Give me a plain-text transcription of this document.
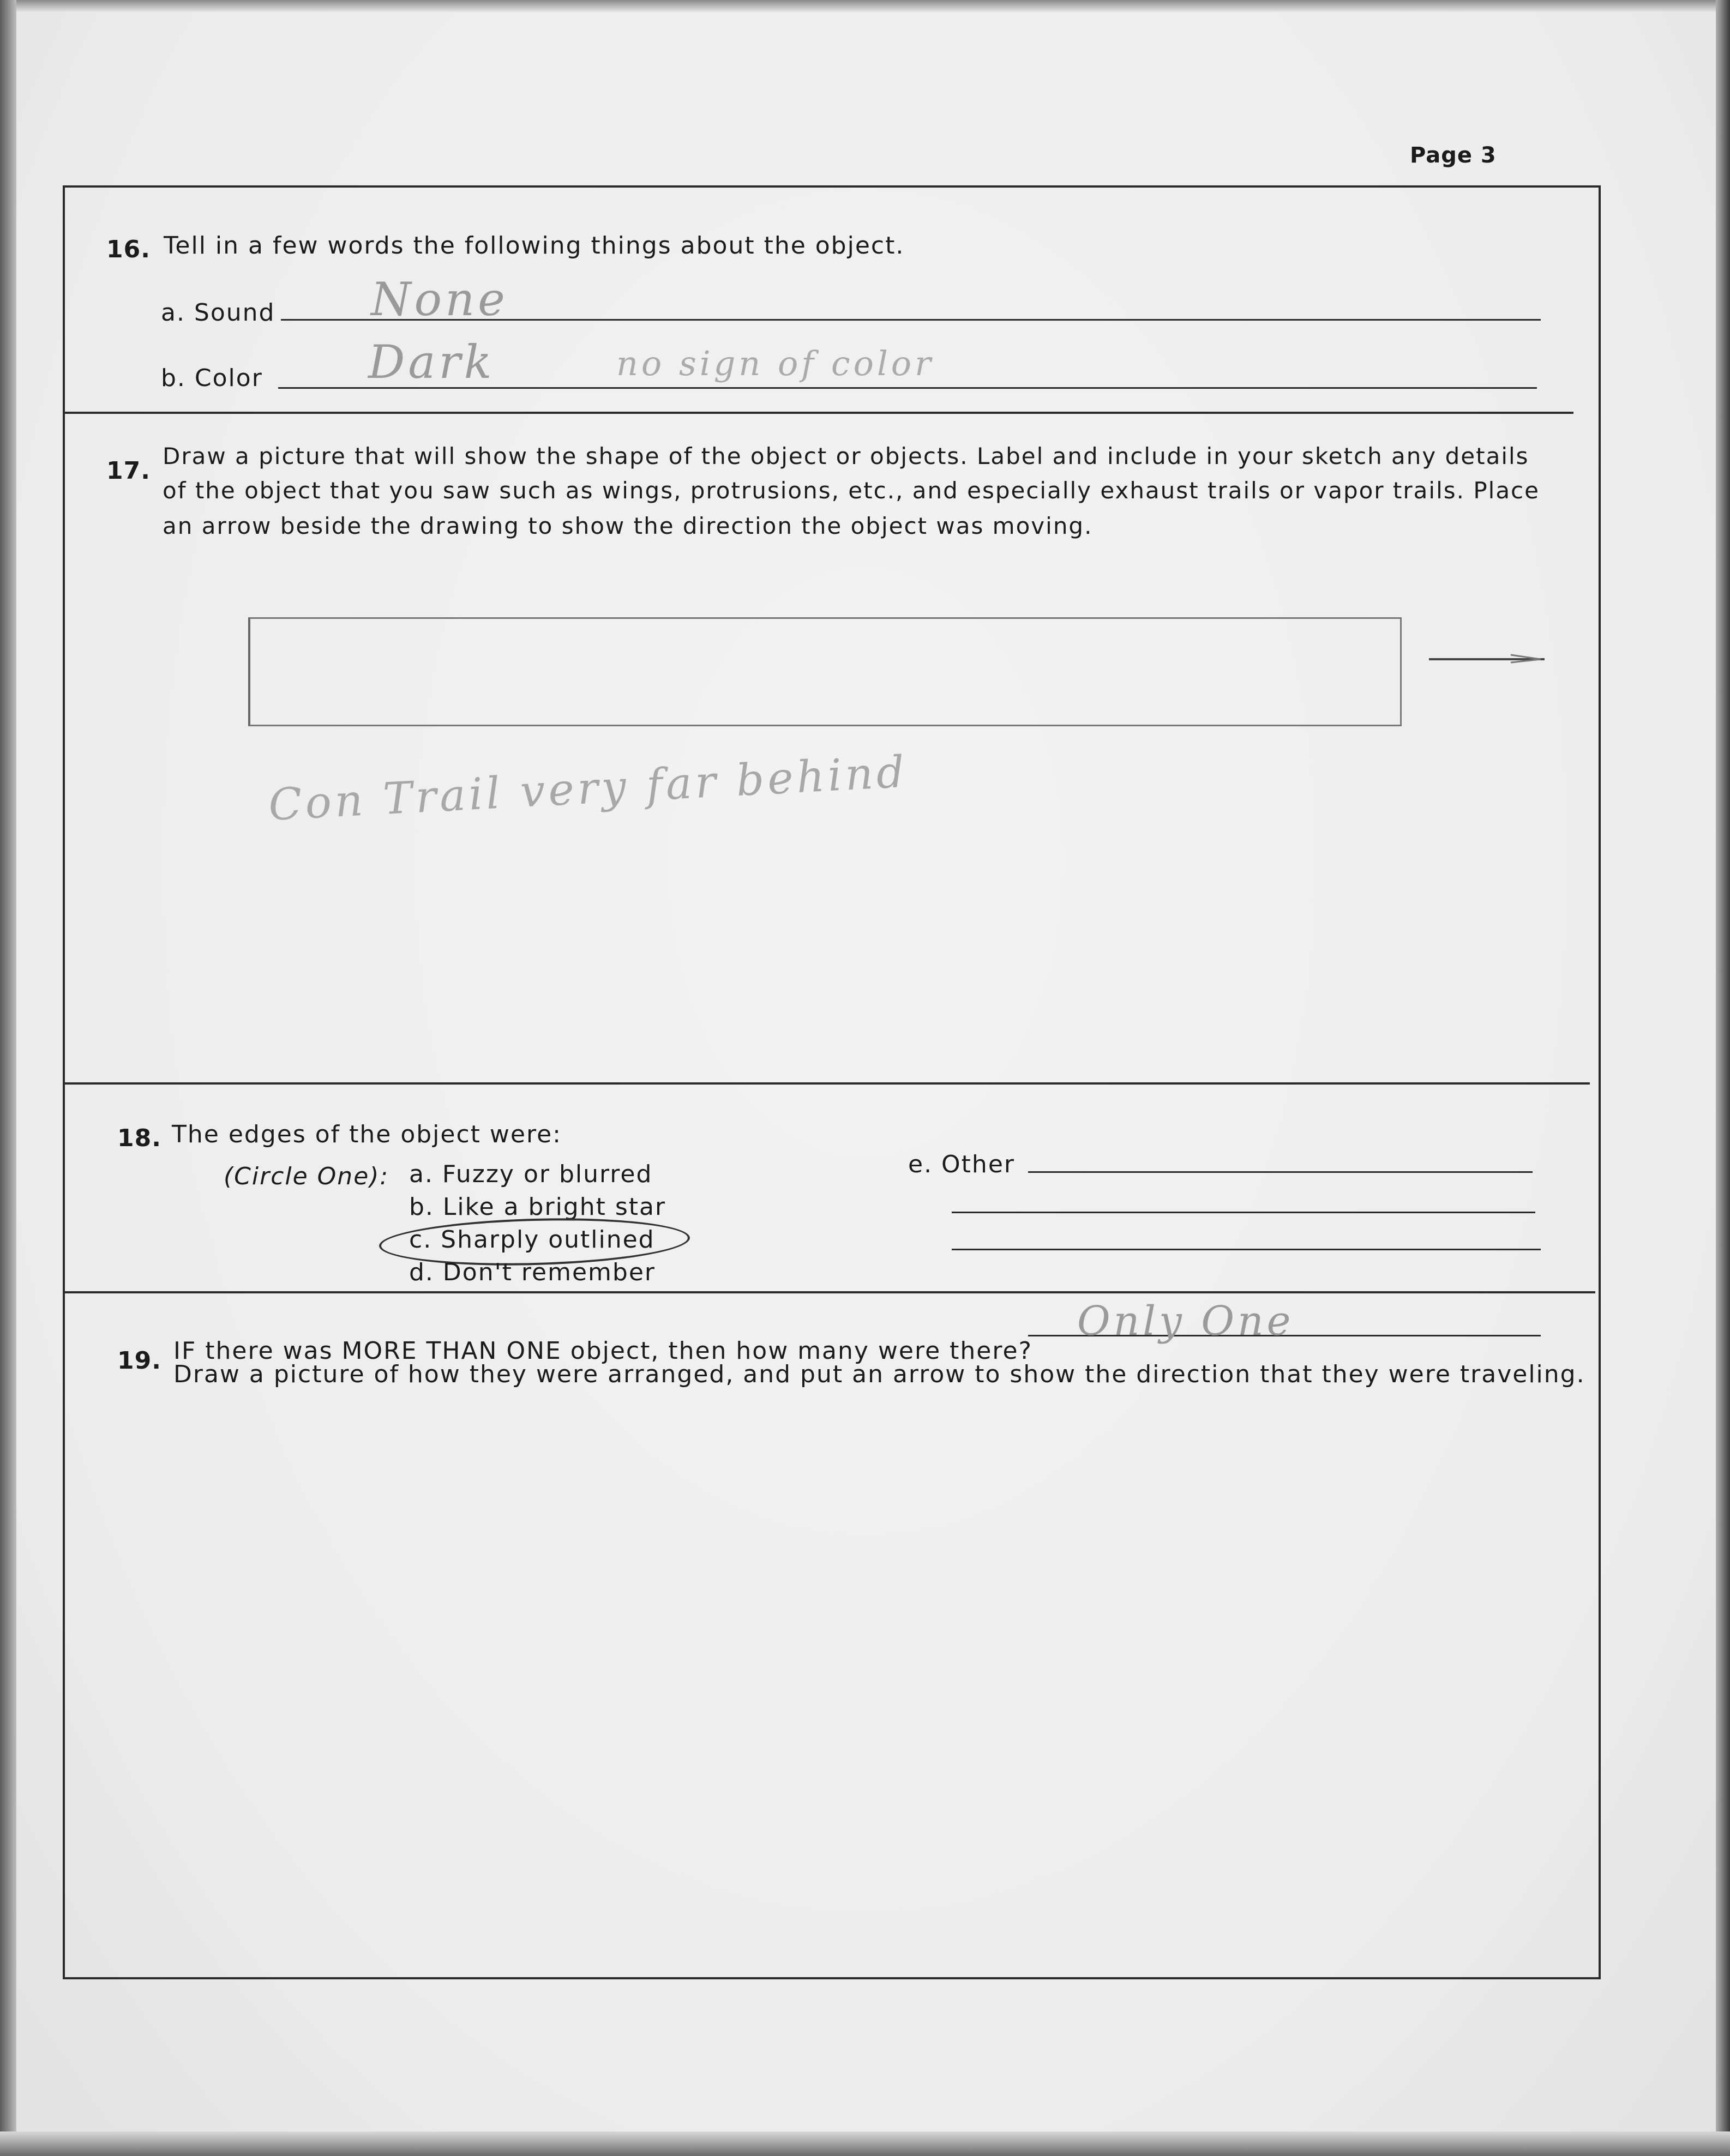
Page 3
16. Tell in a few words the following things about the object.
a. Sound None
b. Color Dark	no sign of color
17.
Draw a picture that will show the shape of the object or objects. Label and include in your sketch any details
of the object that you saw such as wings, protrusions, etc., and especially exhaust trails or vapor trails. Place
an arrow beside the drawing to show the direction the object was moving.
Con Trail very far behind
18. The edges of the object were:
(Circle One): a. Fuzzy or blurred
b. Like a bright star
c. Sharply outlined
d. Don't remember
e. Other
19. IF there was MORE THAN ONE object, then how many were there?
Only One
Draw a picture of how they were arranged, and put an arrow to show the direction that they were traveling.
